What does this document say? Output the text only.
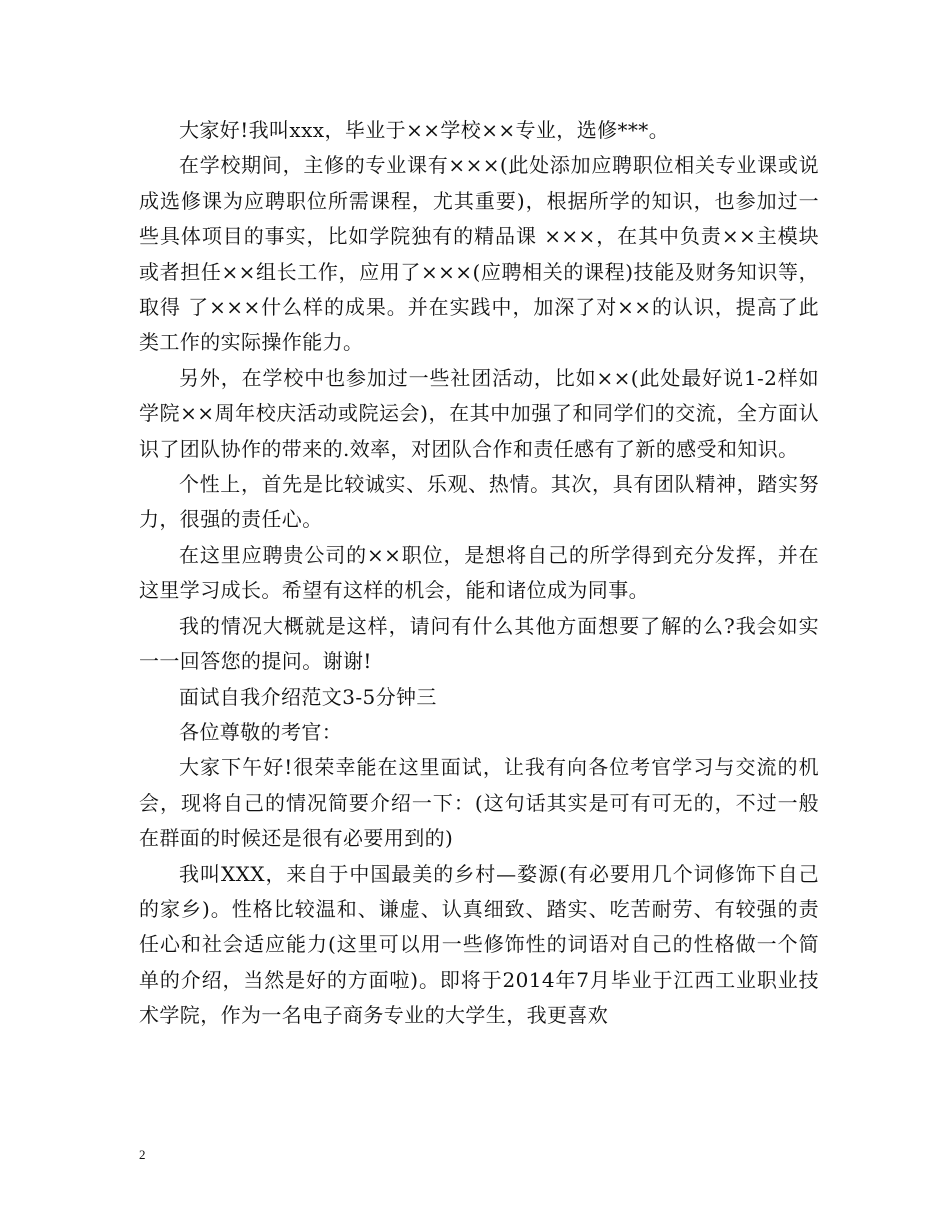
大家好!我叫xxx，毕业于××学校××专业，选修***。

在学校期间，主修的专业课有×××(此处添加应聘职位相关专业课或说成选修课为应聘职位所需课程，尤其重要)，根据所学的知识，也参加过一些具体项目的事实，比如学院独有的精品课 ×××，在其中负责××主模块或者担任××组长工作，应用了×××(应聘相关的课程)技能及财务知识等，取得 了×××什么样的成果。并在实践中，加深了对××的认识，提高了此类工作的实际操作能力。

另外，在学校中也参加过一些社团活动，比如××(此处最好说1-2样如学院××周年校庆活动或院运会)，在其中加强了和同学们的交流，全方面认识了团队协作的带来的.效率，对团队合作和责任感有了新的感受和知识。

个性上，首先是比较诚实、乐观、热情。其次，具有团队精神，踏实努力，很强的责任心。

在这里应聘贵公司的××职位，是想将自己的所学得到充分发挥，并在这里学习成长。希望有这样的机会，能和诸位成为同事。

我的情况大概就是这样，请问有什么其他方面想要了解的么?我会如实一一回答您的提问。谢谢!

面试自我介绍范文3-5分钟三

各位尊敬的考官：

大家下午好!很荣幸能在这里面试，让我有向各位考官学习与交流的机会，现将自己的情况简要介绍一下：(这句话其实是可有可无的，不过一般在群面的时候还是很有必要用到的)

我叫XXX，来自于中国最美的乡村—婺源(有必要用几个词修饰下自己的家乡)。性格比较温和、谦虚、认真细致、踏实、吃苦耐劳、有较强的责任心和社会适应能力(这里可以用一些修饰性的词语对自己的性格做一个简单的介绍，当然是好的方面啦)。即将于2014年7月毕业于江西工业职业技术学院，作为一名电子商务专业的大学生，我更喜欢

2
